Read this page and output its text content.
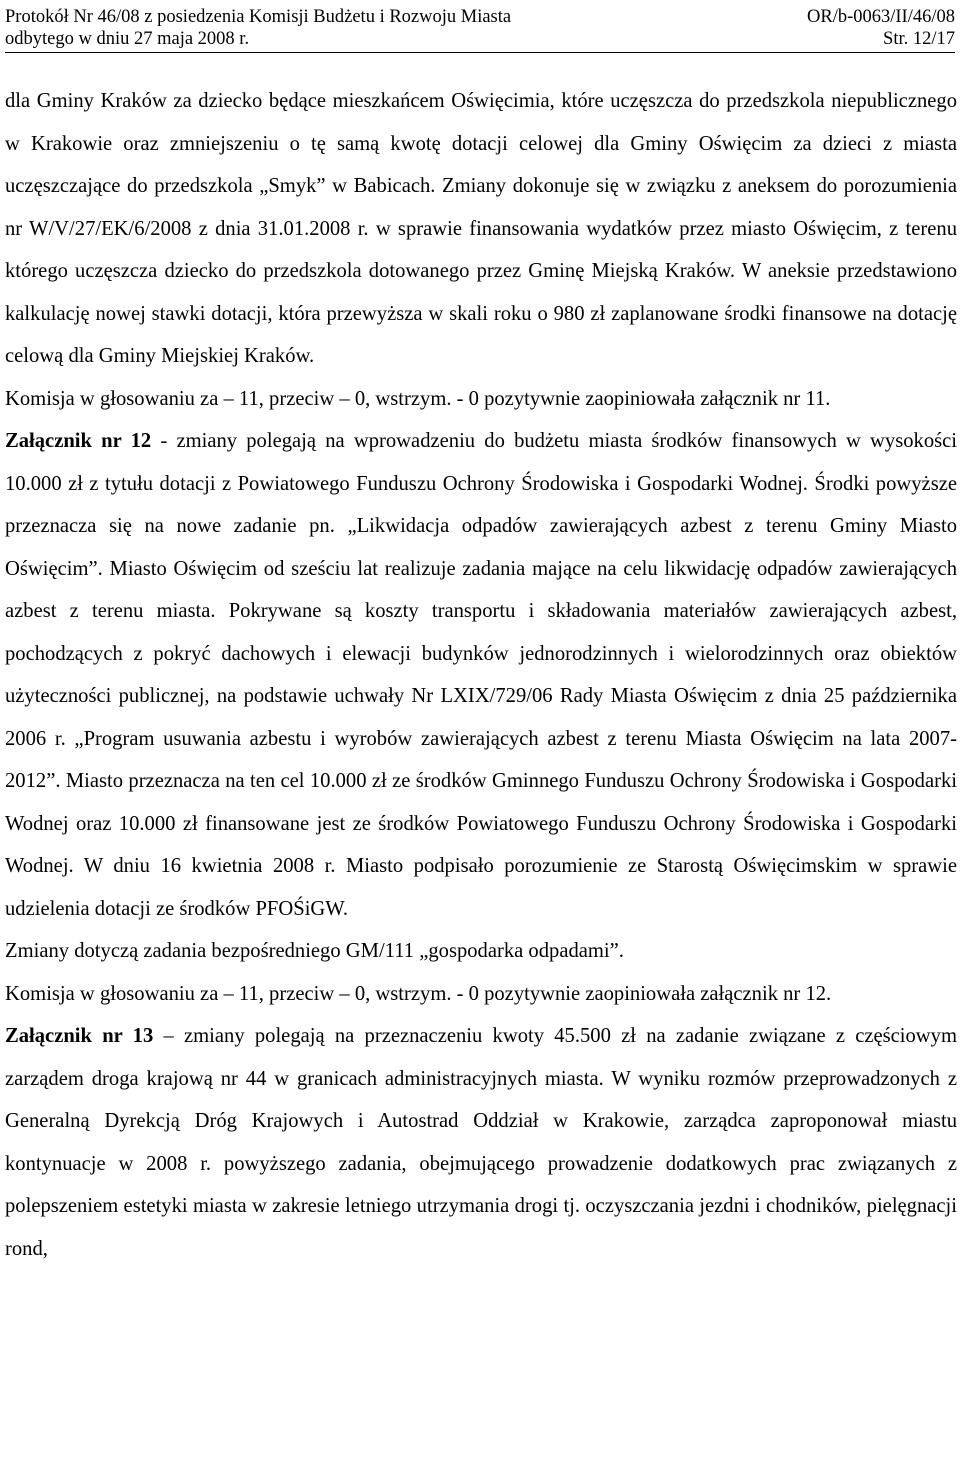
Protokół Nr 46/08 z posiedzenia Komisji Budżetu i Rozwoju Miasta	OR/b-0063/II/46/08
odbytego w dniu 27 maja 2008 r.	Str. 12/17

dla Gminy Kraków za dziecko będące mieszkańcem Oświęcimia, które uczęszcza do przedszkola niepublicznego w Krakowie oraz zmniejszeniu o tę samą kwotę dotacji celowej dla Gminy Oświęcim za dzieci z miasta uczęszczające do przedszkola „Smyk” w Babicach. Zmiany dokonuje się w związku z aneksem do porozumienia nr W/V/27/EK/6/2008 z dnia 31.01.2008 r. w sprawie finansowania wydatków przez miasto Oświęcim, z terenu którego uczęszcza dziecko do przedszkola dotowanego przez Gminę Miejską Kraków. W aneksie przedstawiono kalkulację nowej stawki dotacji, która przewyższa w skali roku o 980 zł zaplanowane środki finansowe na dotację celową dla Gminy Miejskiej Kraków.

Komisja w głosowaniu za – 11, przeciw – 0, wstrzym. - 0 pozytywnie zaopiniowała załącznik nr 11.

Załącznik nr 12 - zmiany polegają na wprowadzeniu do budżetu miasta środków finansowych w wysokości 10.000 zł z tytułu dotacji z Powiatowego Funduszu Ochrony Środowiska i Gospodarki Wodnej. Środki powyższe przeznacza się na nowe zadanie pn. „Likwidacja odpadów zawierających azbest z terenu Gminy Miasto Oświęcim”. Miasto Oświęcim od sześciu lat realizuje zadania mające na celu likwidację odpadów zawierających azbest z terenu miasta. Pokrywane są koszty transportu i składowania materiałów zawierających azbest, pochodzących z pokryć dachowych i elewacji budynków jednorodzinnych i wielorodzinnych oraz obiektów użyteczności publicznej, na podstawie uchwały Nr LXIX/729/06 Rady Miasta Oświęcim z dnia 25 października 2006 r. „Program usuwania azbestu i wyrobów zawierających azbest z terenu Miasta Oświęcim na lata 2007-2012”. Miasto przeznacza na ten cel 10.000 zł ze środków Gminnego Funduszu Ochrony Środowiska i Gospodarki Wodnej oraz 10.000 zł finansowane jest ze środków Powiatowego Funduszu Ochrony Środowiska i Gospodarki Wodnej. W dniu 16 kwietnia 2008 r. Miasto podpisało porozumienie ze Starostą Oświęcimskim w sprawie udzielenia dotacji ze środków PFOŚiGW.

Zmiany dotyczą zadania bezpośredniego GM/111 „gospodarka odpadami”.

Komisja w głosowaniu za – 11, przeciw – 0, wstrzym. - 0 pozytywnie zaopiniowała załącznik nr 12.

Załącznik nr 13 – zmiany polegają na przeznaczeniu kwoty 45.500 zł na zadanie związane z częściowym zarządem droga krajową nr 44 w granicach administracyjnych miasta. W wyniku rozmów przeprowadzonych z Generalną Dyrekcją Dróg Krajowych i Autostrad Oddział w Krakowie, zarządca zaproponował miastu kontynuacje w 2008 r. powyższego zadania, obejmującego prowadzenie dodatkowych prac związanych z polepszeniem estetyki miasta w zakresie letniego utrzymania drogi tj. oczyszczania jezdni i chodników, pielęgnacji rond,
